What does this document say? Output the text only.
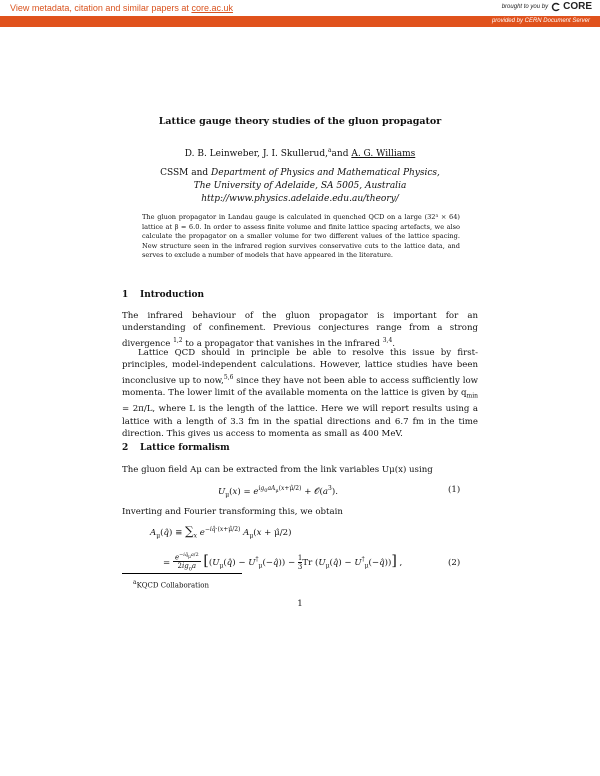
View metadata, citation and similar papers at core.ac.uk	brought to you by CORE
provided by CERN Document Server
Lattice gauge theory studies of the gluon propagator
D. B. Leinweber, J. I. Skullerud,$^a$and A. G. Williams
CSSM and Department of Physics and Mathematical Physics,
The University of Adelaide, SA 5005, Australia
http://www.physics.adelaide.edu.au/theory/
The gluon propagator in Landau gauge is calculated in quenched QCD on a large (32³ × 64) lattice at β = 6.0. In order to assess finite volume and finite lattice spacing artefacts, we also calculate the propagator on a smaller volume for two different values of the lattice spacing. New structure seen in the infrared region survives conservative cuts to the lattice data, and serves to exclude a number of models that have appeared in the literature.
1 Introduction
The infrared behaviour of the gluon propagator is important for an understanding of confinement. Previous conjectures range from a strong divergence $^{1,2}$ to a propagator that vanishes in the infrared $^{3,4}$.
Lattice QCD should in principle be able to resolve this issue by first-principles, model-independent calculations. However, lattice studies have been inconclusive up to now,$^{5,6}$ since they have not been able to access sufficiently low momenta. The lower limit of the available momenta on the lattice is given by $q_{min} = 2\pi/L$, where L is the length of the lattice. Here we will report results using a lattice with a length of 3.3 fm in the spatial directions and 6.7 fm in the time direction. This gives us access to momenta as small as 400 MeV.
2 Lattice formalism
The gluon field Aμ can be extracted from the link variables Uμ(x) using
$U_\mu(x) = e^{ig_0aA_\mu(x+\mû/2)}$ + $𝒪(a^3)$.	(1)
Inverting and Fourier transforming this, we obtain
$A_\mu(q̂) \equiv \sum_x$ $e^{-iq̂\cdot(x+\mû/2)}$ $A_\mu(x$ + μ̂/2)
= $\frac{e^{-iq̂_\mu a/2}}{2ig_0a}$ [($U_\mu(q̂)$ − $U^\dagger_\mu(-q̂)) - \frac{1}{3}$ Tr ($U_\mu(q̂)$ − $U^\dagger_\mu(-q̂)$)] ,	(2)
$^a$KQCD Collaboration
1
